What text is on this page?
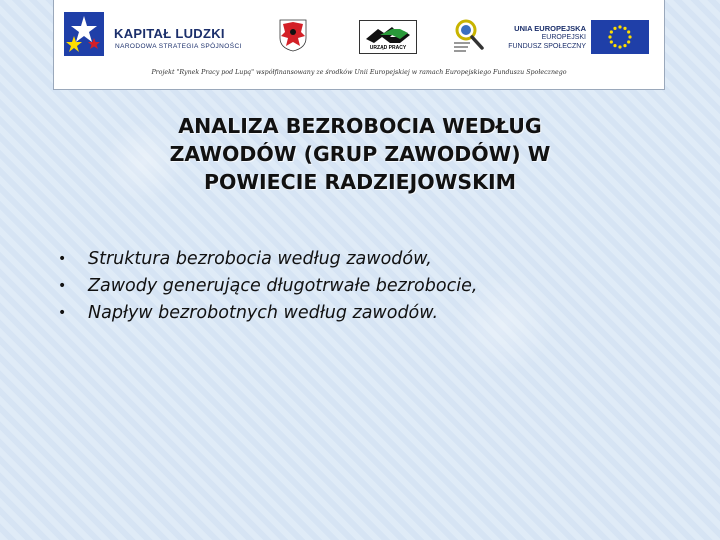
KAPITAŁ LUDZKI
NARODOWA STRATEGIA SPÓJNOŚCI	URZĄD PRACY
UNIA EUROPEJSKA
EUROPEJSKI
FUNDUSZ SPOŁECZNY
Projekt "Rynek Pracy pod Lupą" współfinansowany ze środków Unii Europejskiej w ramach Europejskiego Funduszu Społecznego
ANALIZA BEZROBOCIA WEDŁUG
ZAWODÓW (GRUP ZAWODÓW) W
POWIECIE RADZIEJOWSKIM
• Struktura bezrobocia według zawodów,
• Zawody generujące długotrwałe bezrobocie,
• Napływ bezrobotnych według zawodów.
